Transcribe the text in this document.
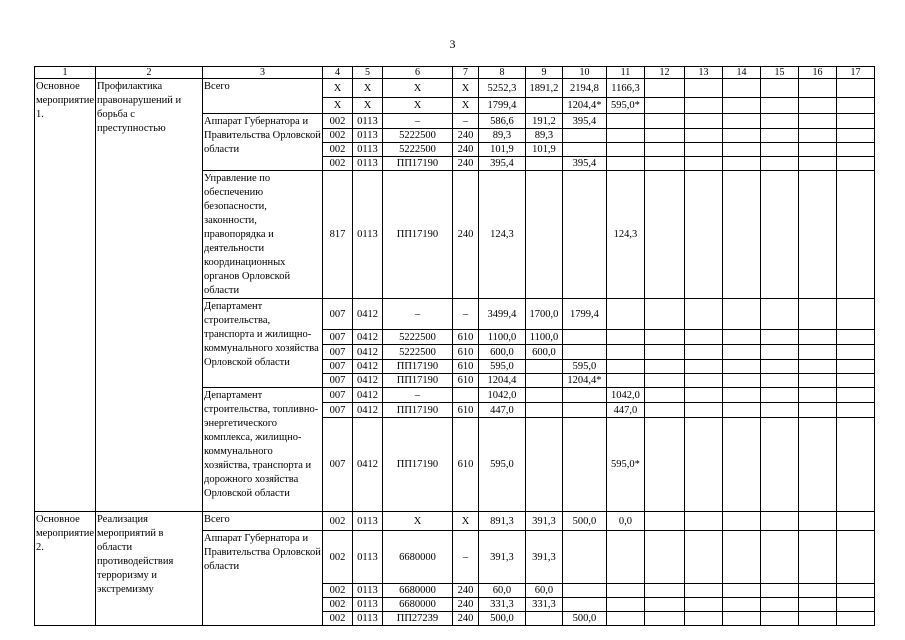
3
1	2	3	4	5	6	7	8	9	10	11	12	13	14	15	16	17
Основное мероприятие 1.	Профилактика правонарушений и борьба с преступностью	Всего	X	X	X	X	5252,3	1891,2	2194,8	1166,3						
			X	X	X	X	1799,4		1204,4*	595,0*						
		Аппарат Губернатора и Правительства Орловской области	002	0113	–	–	586,6	191,2	395,4							
			002	0113	5222500	240	89,3	89,3								
			002	0113	5222500	240	101,9	101,9								
			002	0113	ПП17190	240	395,4		395,4							
		Управление по обеспечению безопасности, законности, правопорядка и деятельности координационных органов Орловской области	817	0113	ПП17190	240	124,3			124,3						
		Департамент строительства, транспорта и жилищно-коммунального хозяйства Орловской области	007	0412	–	–	3499,4	1700,0	1799,4							
			007	0412	5222500	610	1100,0	1100,0								
			007	0412	5222500	610	600,0	600,0								
			007	0412	ПП17190	610	595,0		595,0							
			007	0412	ПП17190	610	1204,4		1204,4*							
		Департамент строительства, топливно-энергетического комплекса, жилищно-коммунального хозяйства, транспорта и дорожного хозяйства Орловской области	007	0412	–		1042,0			1042,0						
			007	0412	ПП17190	610	447,0			447,0						
			007	0412	ПП17190	610	595,0			595,0*						
Основное мероприятие 2.	Реализация мероприятий в области противодействия терроризму и экстремизму	Всего	002	0113	X	X	891,3	391,3	500,0	0,0						
		Аппарат Губернатора и Правительства Орловской области	002	0113	6680000	–	391,3	391,3								
			002	0113	6680000	240	60,0	60,0								
			002	0113	6680000	240	331,3	331,3								
			002	0113	ПП27239	240	500,0		500,0							
